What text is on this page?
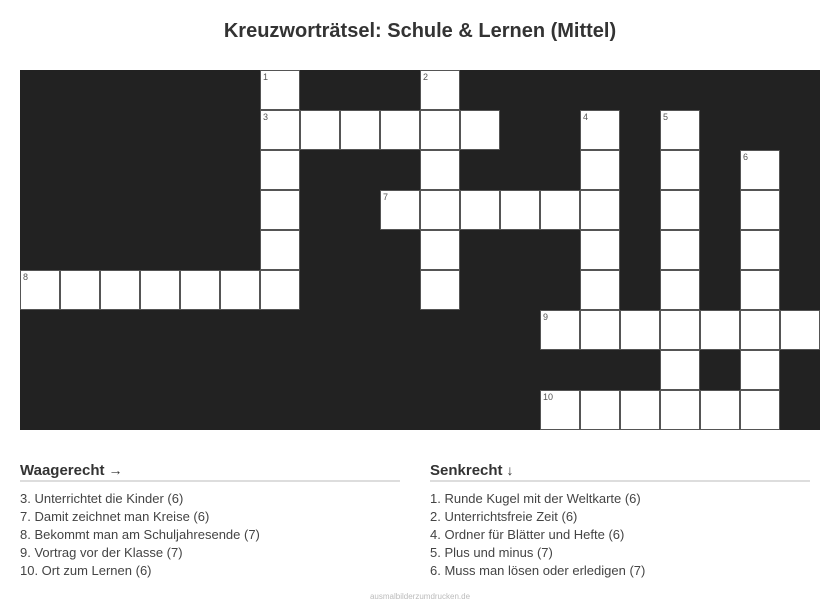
Kreuzworträtsel: Schule & Lernen (Mittel)
1	2
3	4	5
6
7
8
9
10
Waagerecht →
3. Unterrichtet die Kinder (6)
7. Damit zeichnet man Kreise (6)
8. Bekommt man am Schuljahresende (7)
9. Vortrag vor der Klasse (7)
10. Ort zum Lernen (6)
Senkrecht ↓
1. Runde Kugel mit der Weltkarte (6)
2. Unterrichtsfreie Zeit (6)
4. Ordner für Blätter und Hefte (6)
5. Plus und minus (7)
6. Muss man lösen oder erledigen (7)
ausmalbilderzumdrucken.de
